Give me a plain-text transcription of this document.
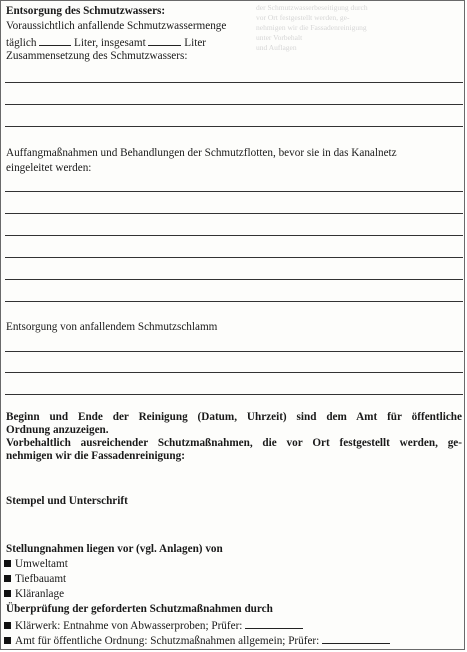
der Schmutzwasserbeseitigung durch
vor Ort festgestellt werden, ge-
nehmigen wir die Fassadenreinigung
unter Vorbehalt
und Auflagen
Entsorgung des Schmutzwassers:
Voraussichtlich anfallende Schmutzwassermenge
täglich	Liter, insgesamt	Liter
Zusammensetzung des Schmutzwassers:
Auffangmaßnahmen und Behandlungen der Schmutzflotten, bevor sie in das Kanalnetz
eingeleitet werden:
Entsorgung von anfallendem Schmutzschlamm
Beginn und Ende der Reinigung (Datum, Uhrzeit) sind dem Amt für öffentliche
Ordnung anzuzeigen.
Vorbehaltlich ausreichender Schutzmaßnahmen, die vor Ort festgestellt werden, ge-
nehmigen wir die Fassadenreinigung:
Stempel und Unterschrift
Stellungnahmen liegen vor (vgl. Anlagen) von
Umweltamt
Tiefbauamt
Kläranlage
Überprüfung der geforderten Schutzmaßnahmen durch
Klärwerk: Entnahme von Abwasserproben; Prüfer:
Amt für öffentliche Ordnung: Schutzmaßnahmen allgemein; Prüfer:
